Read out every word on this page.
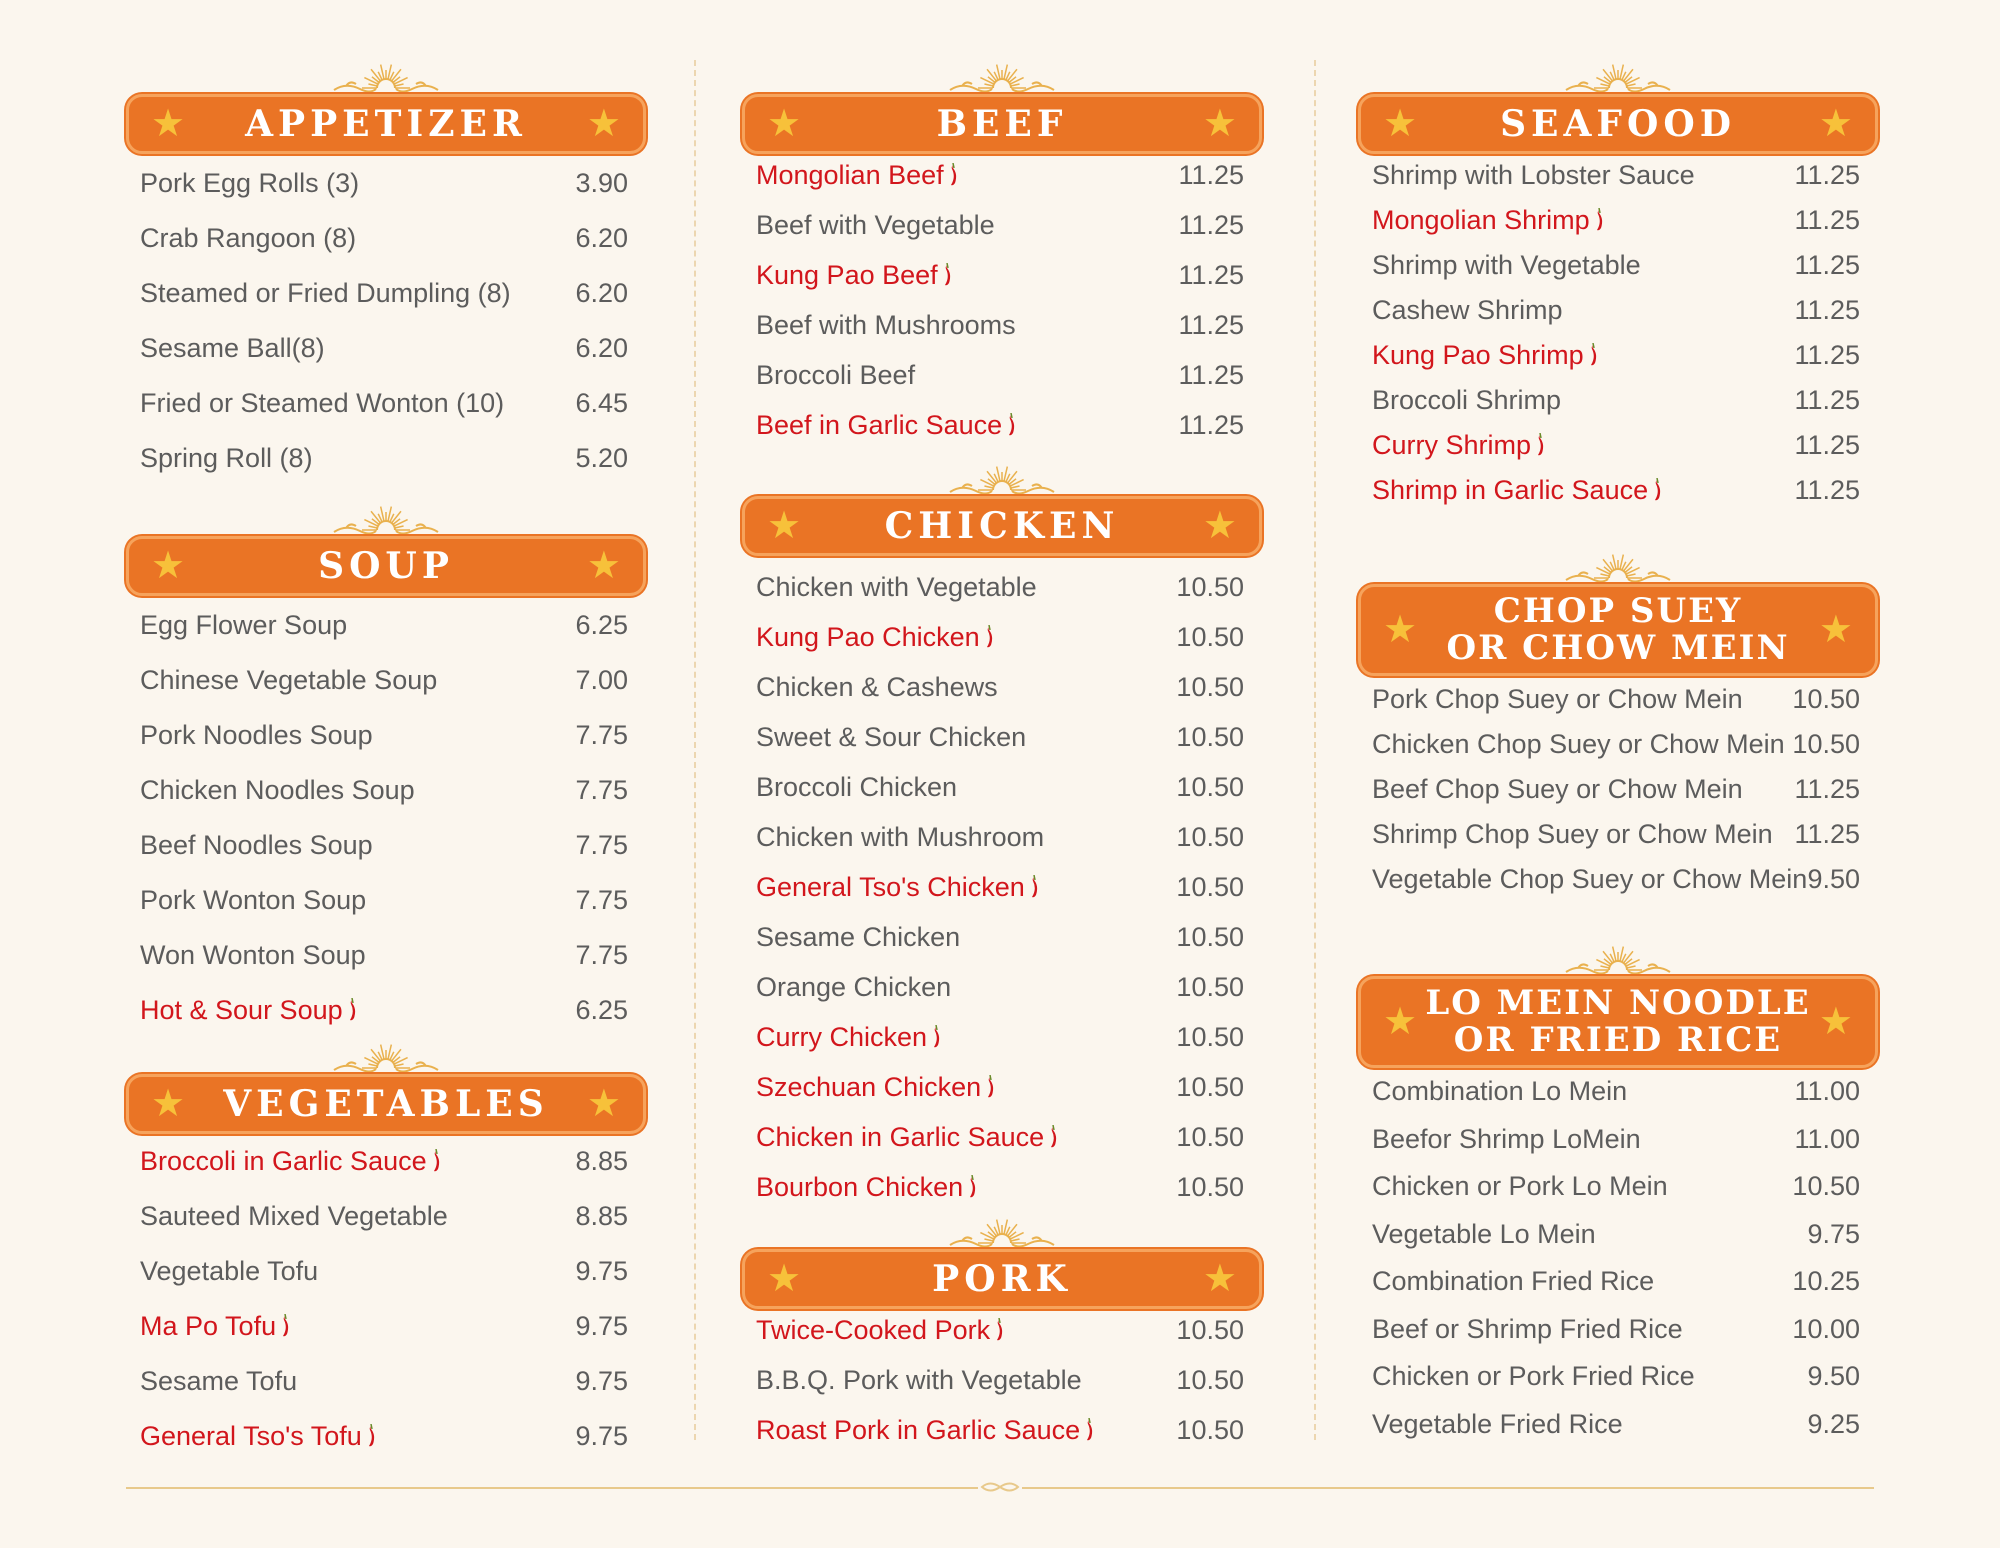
★ APPETIZER ★
Pork Egg Rolls (3)	3.90
Crab Rangoon (8)	6.20
Steamed or Fried Dumpling (8) 6.20
Sesame Ball(8)	6.20
Fried or Steamed Wonton (10)	6.45
Spring Roll (8)	5.20
★	SOUP	★
Egg Flower Soup	6.25
Chinese Vegetable Soup	7.00
Pork Noodles Soup	7.75
Chicken Noodles Soup	7.75
Beef Noodles Soup	7.75
Pork Wonton Soup	7.75
Won Wonton Soup	7.75
Hot & Sour Soup	6.25
★ VEGETABLES ★
Broccoli in Garlic Sauce	8.85
Sauteed Mixed Vegetable	8.85
Vegetable Tofu	9.75
Ma Po Tofu	9.75
Sesame Tofu	9.75
General Tso's Tofu	9.75
★	BEEF	★
Mongolian Beef	11.25
Beef with Vegetable	11.25
Kung Pao Beef	11.25
Beef with Mushrooms	11.25
Broccoli Beef	11.25
Beef in Garlic Sauce	11.25
★ CHICKEN ★
Chicken with Vegetable	10.50
Kung Pao Chicken	10.50
Chicken & Cashews	10.50
Sweet & Sour Chicken	10.50
Broccoli Chicken	10.50
Chicken with Mushroom	10.50
General Tso's Chicken	10.50
Sesame Chicken	10.50
Orange Chicken	10.50
Curry Chicken	10.50
Szechuan Chicken	10.50
Chicken in Garlic Sauce	10.50
Bourbon Chicken	10.50
★	PORK	★
Twice-Cooked Pork	10.50
B.B.Q. Pork with Vegetable	10.50
Roast Pork in Garlic Sauce	10.50
★ SEAFOOD ★
Shrimp with Lobster Sauce	11.25
Mongolian Shrimp	11.25
Shrimp with Vegetable	11.25
Cashew Shrimp	11.25
Kung Pao Shrimp	11.25
Broccoli Shrimp	11.25
Curry Shrimp	11.25
Shrimp in Garlic Sauce	11.25
★	CHOP SUEY
OR CHOW MEIN ★
Pork Chop Suey or Chow Mein 10.50
Chicken Chop Suey or Chow Mein 10.50
Beef Chop Suey or Chow Mein 11.25
Shrimp Chop Suey or Chow Mein 11.25
Vegetable Chop Suey or Chow Mein 9.50
★ LO MEIN NOODLE
OR FRIED RICE ★
Combination Lo Mein	11.00
Beefor Shrimp LoMein	11.00
Chicken or Pork Lo Mein	10.50
Vegetable Lo Mein	9.75
Combination Fried Rice	10.25
Beef or Shrimp Fried Rice	10.00
Chicken or Pork Fried Rice	9.50
Vegetable Fried Rice	9.25
